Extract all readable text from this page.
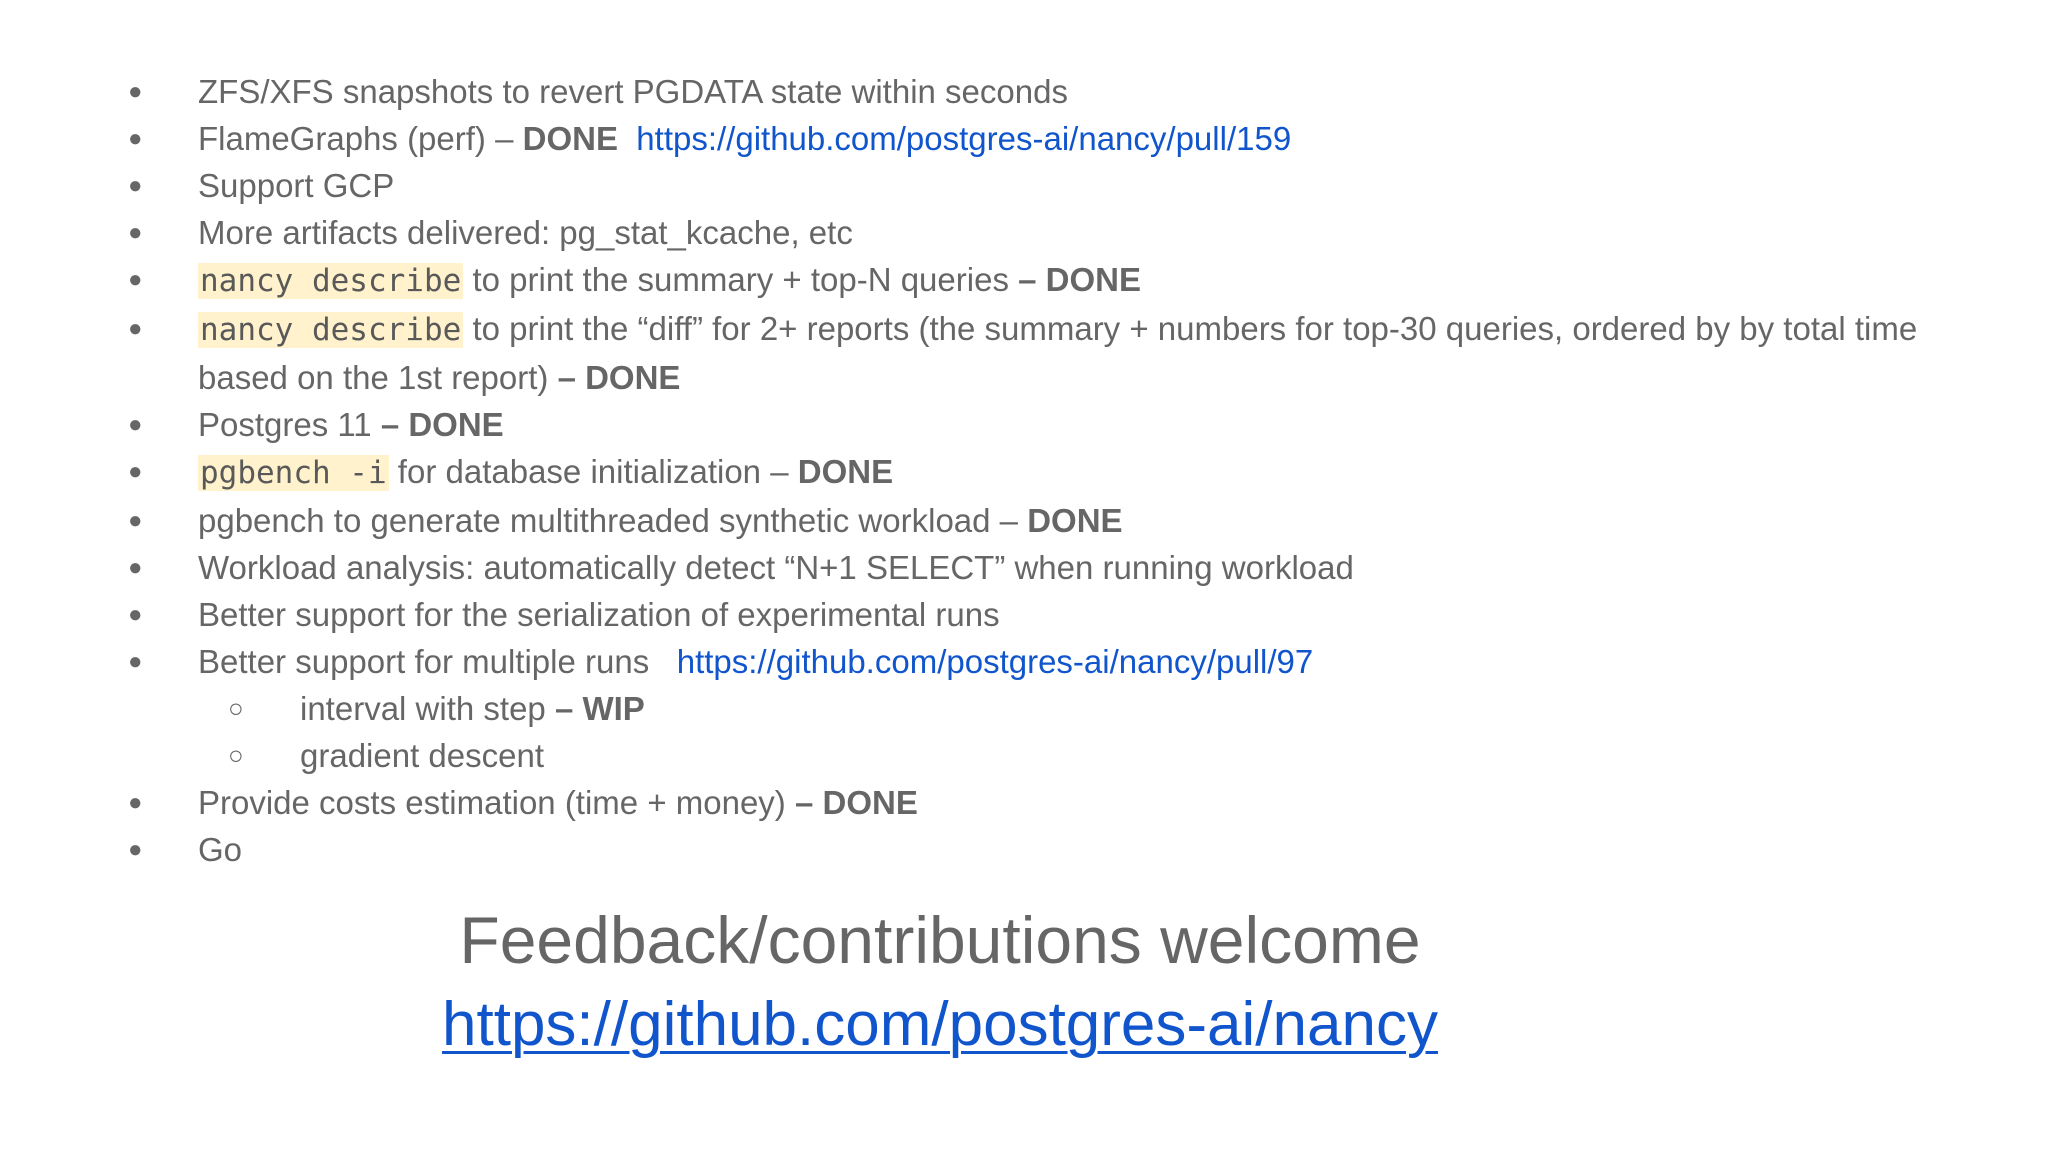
●	ZFS/XFS snapshots to revert PGDATA state within seconds
●	FlameGraphs (perf) – DONE https://github.com/postgres-ai/nancy/pull/159
●	Support GCP
●	More artifacts delivered: pg_stat_kcache, etc
●	nancy describe to print the summary + top-N queries – DONE
●	nancy describe to print the “diff” for 2+ reports (the summary + numbers for top-30 queries, ordered by by total time based on the 1st report) – DONE
●	Postgres 11 – DONE
●	pgbench -i for database initialization – DONE
●	pgbench to generate multithreaded synthetic workload – DONE
●	Workload analysis: automatically detect “N+1 SELECT” when running workload
●	Better support for the serialization of experimental runs
●	Better support for multiple runs   https://github.com/postgres-ai/nancy/pull/97
○	interval with step – WIP
○	gradient descent
●	Provide costs estimation (time + money) – DONE
●	Go
Feedback/contributions welcome
https://github.com/postgres-ai/nancy
